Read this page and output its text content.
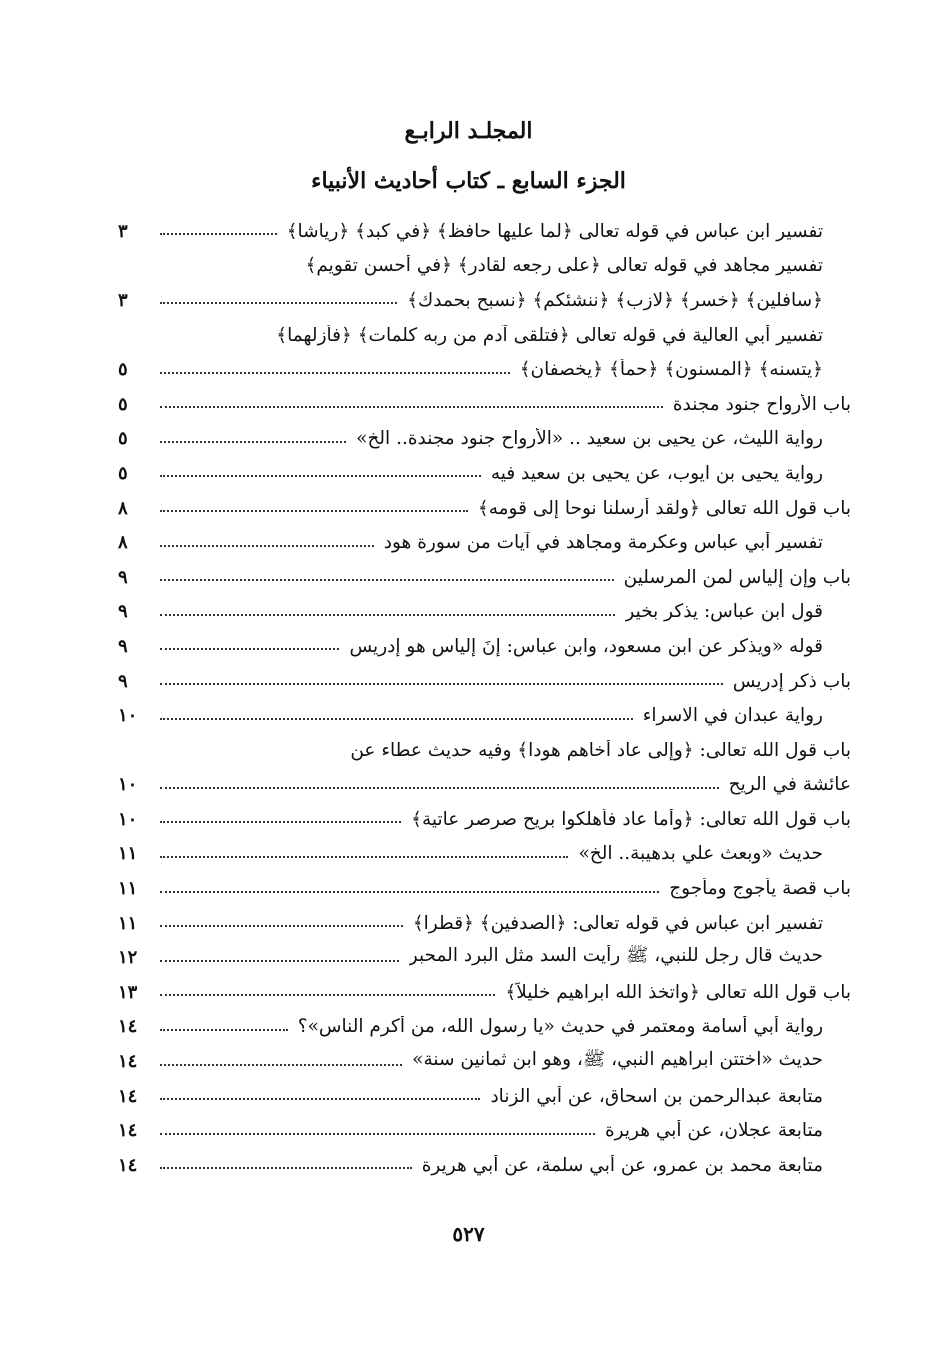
المجلـد الرابـع
الجزء السابع ـ كتاب أحاديث الأنبياء
تفسير ابن عباس في قوله تعالى ﴿لما عليها حافظ﴾ ﴿في كبد﴾ ﴿رياشا﴾
٣
تفسير مجاهد في قوله تعالى ﴿على رجعه لقادر﴾ ﴿في أحسن تقويم﴾
﴿سافلين﴾ ﴿خسر﴾ ﴿لازب﴾ ﴿ننشئكم﴾ ﴿نسبح بحمدك﴾
٣
تفسير أبي العالية في قوله تعالى ﴿فتلقى آدم من ربه كلمات﴾ ﴿فأزلهما﴾
﴿يتسنه﴾ ﴿المسنون﴾ ﴿حمأ﴾ ﴿يخصفان﴾
٥
باب الأرواح جنود مجندة
٥
رواية الليث، عن يحيى بن سعيد .. «الأرواح جنود مجندة.. الخ»
٥
رواية يحيى بن ايوب، عن يحيى بن سعيد فيه
٥
باب قول الله تعالى ﴿ولقد أرسلنا نوحا إلى قومه﴾
٨
تفسير أبي عباس وعكرمة ومجاهد في آيات من سورة هود
٨
باب وإن إلياس لمن المرسلين
٩
قول ابن عباس: يذكر بخير
٩
قوله «ويذكر عن ابن مسعود، وابن عباس: إنَ إلياس هو إدريس
٩
باب ذكر إدريس
٩
رواية عبدان في الاسراء
١٠
باب قول الله تعالى: ﴿وإلى عاد أخاهم هودا﴾ وفيه حديث عطاء عن
عائشة في الريح
١٠
باب قول الله تعالى: ﴿وأما عاد فأهلكوا بريح صرصر عاتية﴾
١٠
حديث «وبعث علي بدهيبة.. الخ»
١١
باب قصة يأجوج ومأجوج
١١
تفسير ابن عباس في قوله تعالى: ﴿الصدفين﴾ ﴿قطرا﴾
١١
حديث قال رجل للنبي، ﷺ رأيت السد مثل البرد المحبر
١٢
باب قول الله تعالى ﴿واتخذ الله ابراهيم خليلاً﴾
١٣
رواية أبي أسامة ومعتمر في حديث «يا رسول الله، من أكرم الناس»؟
١٤
حديث «اختتن ابراهيم النبي، ﷺ، وهو ابن ثمانين سنة»
١٤
متابعة عبدالرحمن بن اسحاق، عن أبي الزناد
١٤
متابعة عجلان، عن أبي هريرة
١٤
متابعة محمد بن عمرو، عن أبي سلمة، عن أبي هريرة
١٤
٥٢٧
